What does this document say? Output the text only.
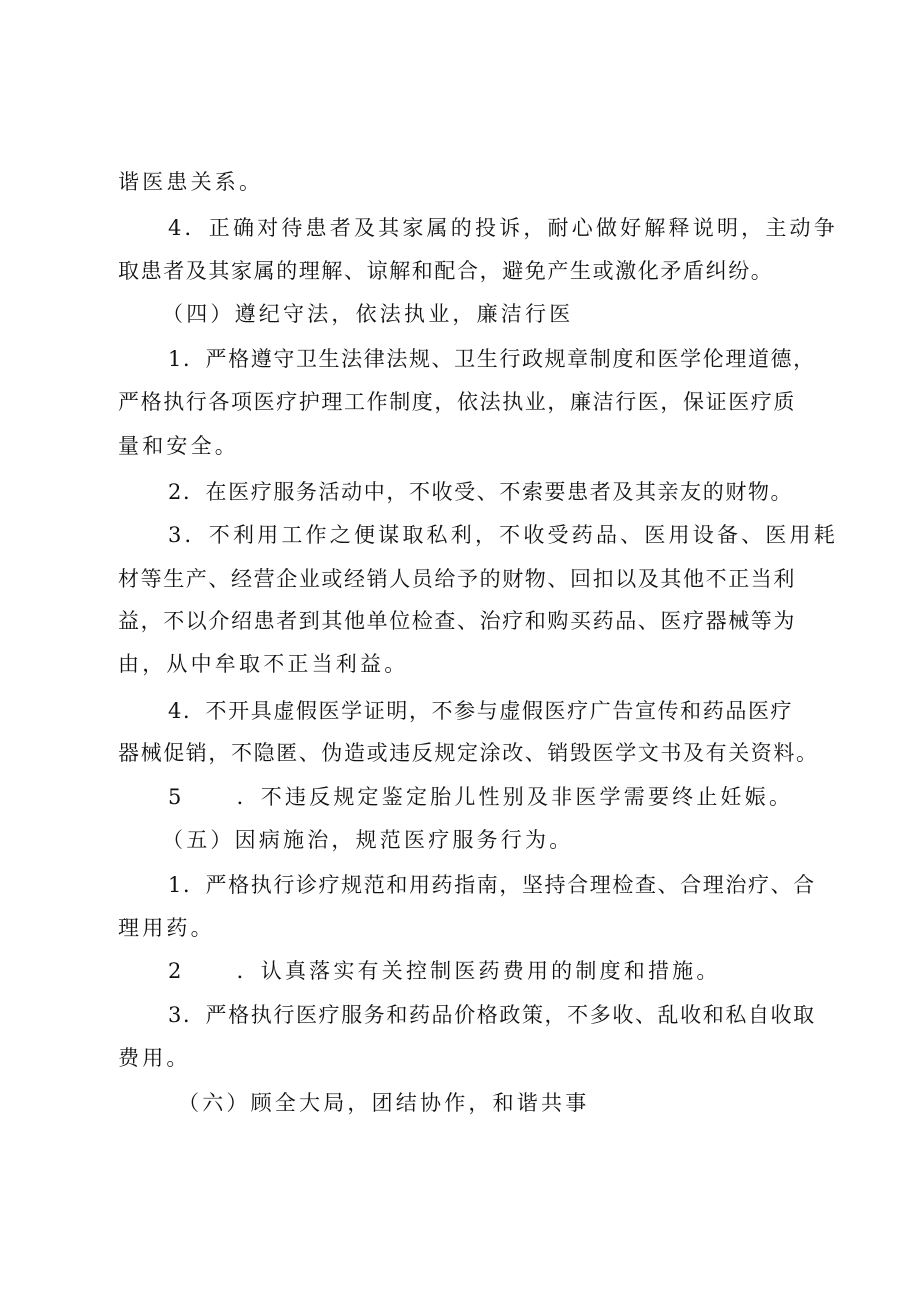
谐医患关系。
4．正确对待患者及其家属的投诉，耐心做好解释说明，主动争
取患者及其家属的理解、谅解和配合，避免产生或激化矛盾纠纷。
（四）遵纪守法，依法执业，廉洁行医
1．严格遵守卫生法律法规、卫生行政规章制度和医学伦理道德，
严格执行各项医疗护理工作制度，依法执业，廉洁行医，保证医疗质
量和安全。
2．在医疗服务活动中，不收受、不索要患者及其亲友的财物。
3．不利用工作之便谋取私利，不收受药品、医用设备、医用耗
材等生产、经营企业或经销人员给予的财物、回扣以及其他不正当利
益，不以介绍患者到其他单位检查、治疗和购买药品、医疗器械等为
由，从中牟取不正当利益。
4．不开具虚假医学证明，不参与虚假医疗广告宣传和药品医疗
器械促销，不隐匿、伪造或违反规定涂改、销毁医学文书及有关资料。
5 ．不违反规定鉴定胎儿性别及非医学需要终止妊娠。
（五）因病施治，规范医疗服务行为。
1．严格执行诊疗规范和用药指南，坚持合理检查、合理治疗、合
理用药。
2 ．认真落实有关控制医药费用的制度和措施。
3．严格执行医疗服务和药品价格政策，不多收、乱收和私自收取
费用。
（六）顾全大局，团结协作，和谐共事
